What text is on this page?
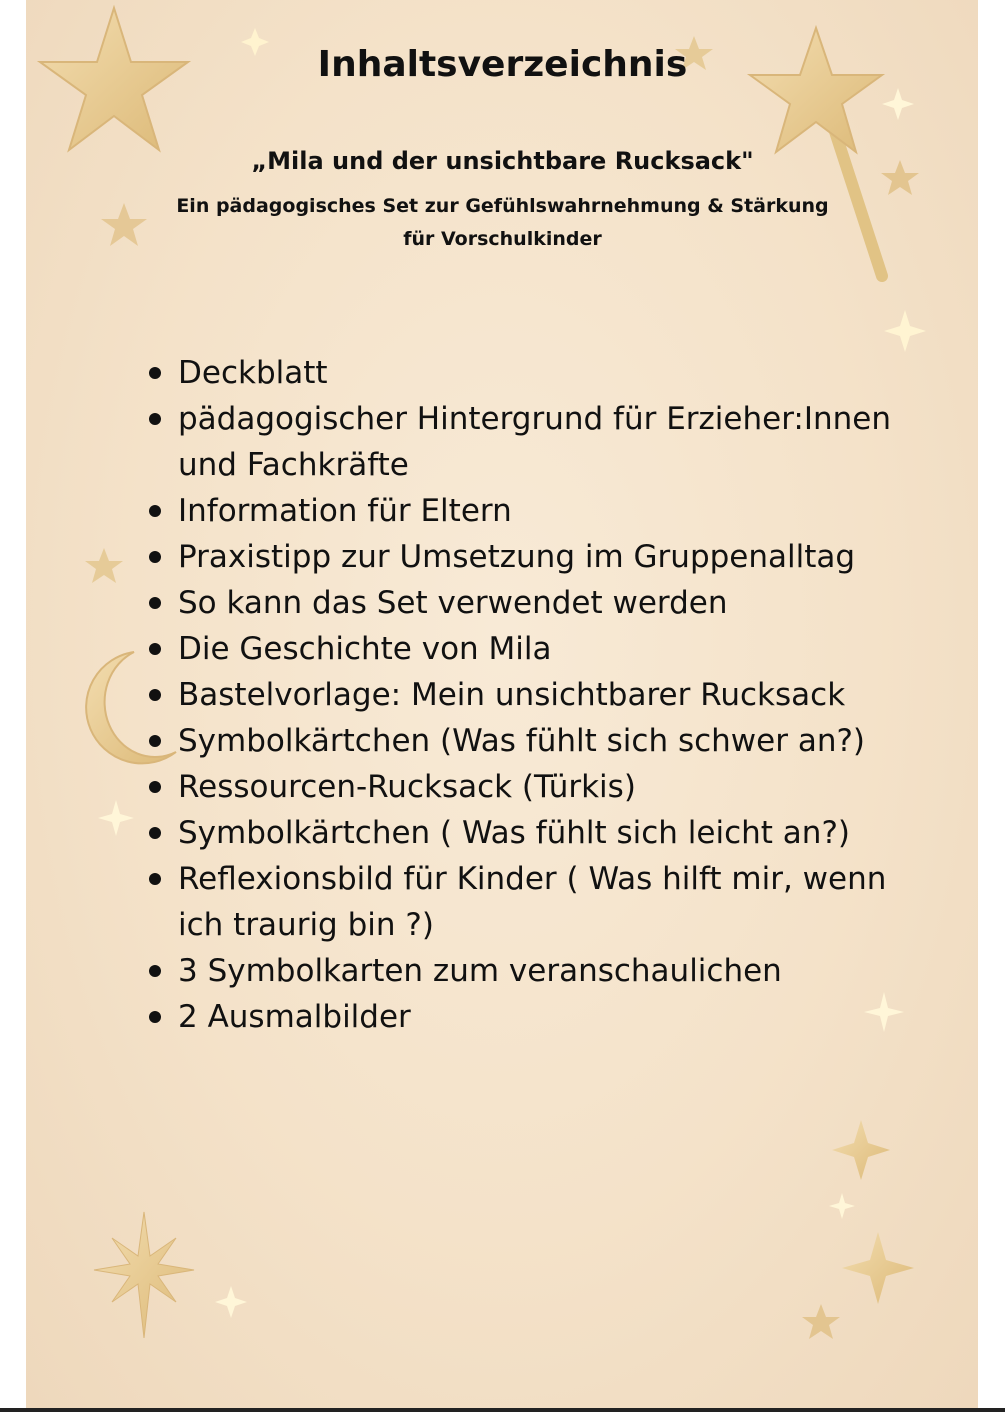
Inhaltsverzeichnis

„Mila und der unsichtbare Rucksack"

Ein pädagogisches Set zur Gefühlswahrnehmung & Stärkung

für Vorschulkinder

Deckblatt
pädagogischer Hintergrund für Erzieher:Innen und Fachkräfte
Information für Eltern
Praxistipp zur Umsetzung im Gruppenalltag
So kann das Set verwendet werden
Die Geschichte von Mila
Bastelvorlage: Mein unsichtbarer Rucksack
Symbolkärtchen (Was fühlt sich schwer an?)
Ressourcen-Rucksack (Türkis)
Symbolkärtchen ( Was fühlt sich leicht an?)
Reflexionsbild für Kinder ( Was hilft mir, wenn ich traurig bin ?)
3 Symbolkarten zum veranschaulichen
2 Ausmalbilder
